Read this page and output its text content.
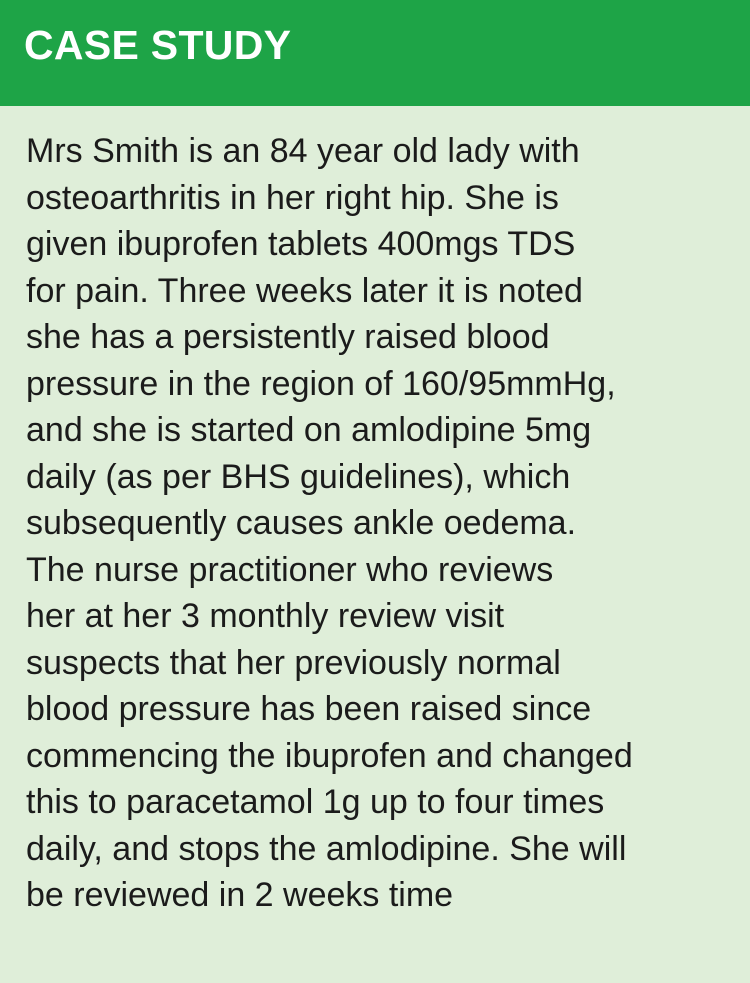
CASE STUDY

Mrs Smith is an 84 year old lady with
osteoarthritis in her right hip. She is
given ibuprofen tablets 400mgs TDS
for pain. Three weeks later it is noted
she has a persistently raised blood
pressure in the region of 160/95mmHg,
and she is started on amlodipine 5mg
daily (as per BHS guidelines), which
subsequently causes ankle oedema.
The nurse practitioner who reviews
her at her 3 monthly review visit
suspects that her previously normal
blood pressure has been raised since
commencing the ibuprofen and changed
this to paracetamol 1g up to four times
daily, and stops the amlodipine. She will
be reviewed in 2 weeks time
